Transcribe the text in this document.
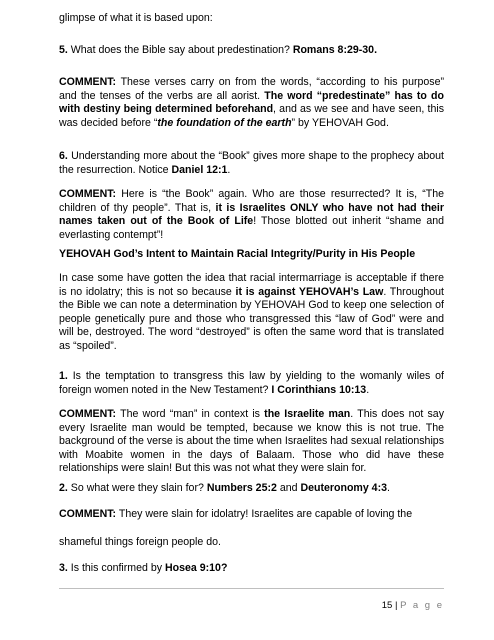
glimpse of what it is based upon:

5. What does the Bible say about predestination? Romans 8:29-30.

COMMENT: These verses carry on from the words, “according to his purpose” and the tenses of the verbs are all aorist. The word “predestinate” has to do with destiny being determined beforehand, and as we see and have seen, this was decided before “the foundation of the earth” by YEHOVAH God.

6. Understanding more about the “Book” gives more shape to the prophecy about the resurrection. Notice Daniel 12:1.

COMMENT: Here is “the Book” again. Who are those resurrected? It is, “The children of thy people”. That is, it is Israelites ONLY who have not had their names taken out of the Book of Life! Those blotted out inherit “shame and everlasting contempt”!

YEHOVAH God’s Intent to Maintain Racial Integrity/Purity in His People

In case some have gotten the idea that racial intermarriage is acceptable if there is no idolatry; this is not so because it is against YEHOVAH’s Law. Throughout the Bible we can note a determination by YEHOVAH God to keep one selection of people genetically pure and those who transgressed this “law of God” were and will be, destroyed. The word “destroyed” is often the same word that is translated as “spoiled”.

1. Is the temptation to transgress this law by yielding to the womanly wiles of foreign women noted in the New Testament? I Corinthians 10:13.

COMMENT: The word “man” in context is the Israelite man. This does not say every Israelite man would be tempted, because we know this is not true. The background of the verse is about the time when Israelites had sexual relationships with Moabite women in the days of Balaam. Those who did have these relationships were slain! But this was not what they were slain for.

2. So what were they slain for? Numbers 25:2 and Deuteronomy 4:3.

COMMENT: They were slain for idolatry! Israelites are capable of loving the

shameful things foreign people do.

3. Is this confirmed by Hosea 9:10?

15 | P a g e
